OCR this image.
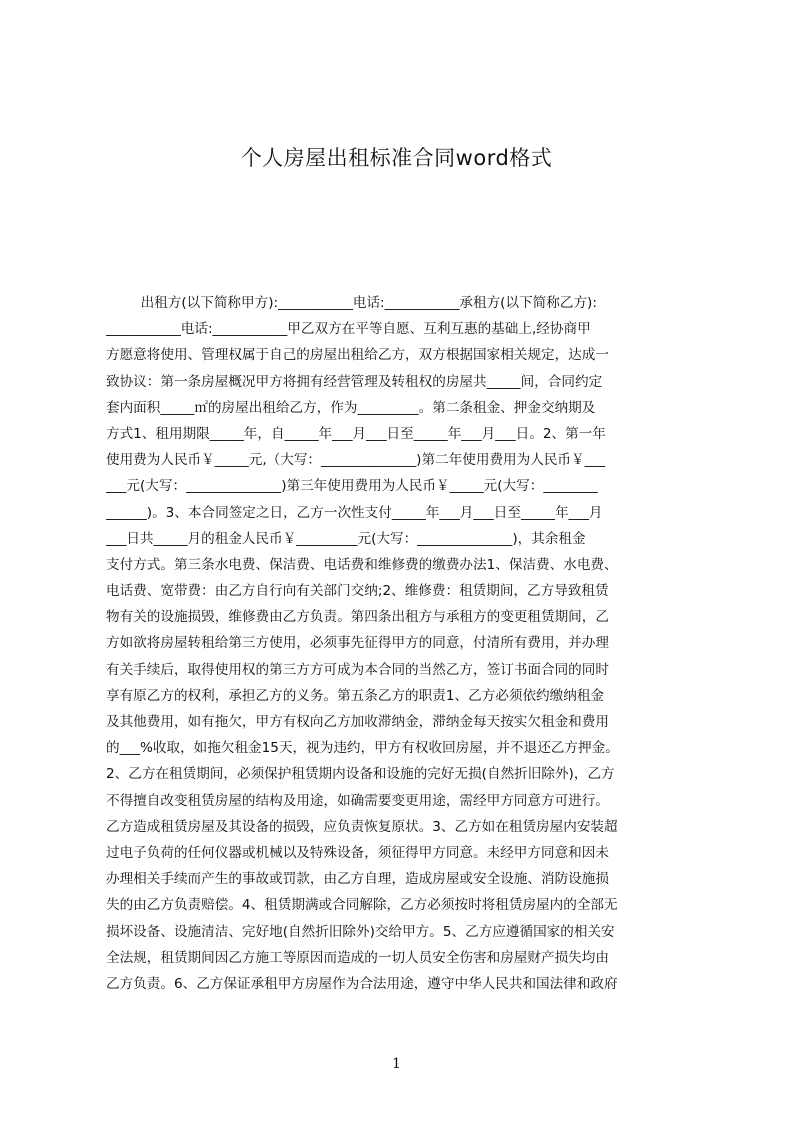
个人房屋出租标准合同word格式
出租方(以下简称甲方):___________电话:___________承租方(以下简称乙方):
___________电话:___________甲乙双方在平等自愿、互利互惠的基础上,经协商甲
方愿意将使用、管理权属于自己的房屋出租给乙方，双方根据国家相关规定，达成一
致协议：第一条房屋概况甲方将拥有经营管理及转租权的房屋共_____间，合同约定
套内面积_____㎡的房屋出租给乙方，作为_________。第二条租金、押金交纳期及
方式1、租用期限_____年，自_____年___月___日至_____年___月___日。2、第一年
使用费为人民币￥_____元,（大写：______________)第二年使用费用为人民币￥___
___元(大写：______________)第三年使用费用为人民币￥_____元(大写：________
______)。3、本合同签定之日，乙方一次性支付_____年___月___日至_____年___月
___日共_____月的租金人民币￥_________元(大写：______________)，其余租金
支付方式。第三条水电费、保洁费、电话费和维修费的缴费办法1、保洁费、水电费、
电话费、宽带费：由乙方自行向有关部门交纳;2、维修费：租赁期间，乙方导致租赁
物有关的设施损毁，维修费由乙方负责。第四条出租方与承租方的变更租赁期间，乙
方如欲将房屋转租给第三方使用，必须事先征得甲方的同意，付清所有费用，并办理
有关手续后，取得使用权的第三方方可成为本合同的当然乙方，签订书面合同的同时
享有原乙方的权利，承担乙方的义务。第五条乙方的职责1、乙方必须依约缴纳租金
及其他费用，如有拖欠，甲方有权向乙方加收滞纳金，滞纳金每天按实欠租金和费用
的___%收取，如拖欠租金15天，视为违约，甲方有权收回房屋，并不退还乙方押金。
2、乙方在租赁期间，必须保护租赁期内设备和设施的完好无损(自然折旧除外)，乙方
不得擅自改变租赁房屋的结构及用途，如确需要变更用途，需经甲方同意方可进行。
乙方造成租赁房屋及其设备的损毁，应负责恢复原状。3、乙方如在租赁房屋内安装超
过电子负荷的任何仪器或机械以及特殊设备，须征得甲方同意。未经甲方同意和因未
办理相关手续而产生的事故或罚款，由乙方自理，造成房屋或安全设施、消防设施损
失的由乙方负责赔偿。4、租赁期满或合同解除，乙方必须按时将租赁房屋内的全部无
损坏设备、设施清洁、完好地(自然折旧除外)交给甲方。5、乙方应遵循国家的相关安
全法规，租赁期间因乙方施工等原因而造成的一切人员安全伤害和房屋财产损失均由
乙方负责。6、乙方保证承租甲方房屋作为合法用途，遵守中华人民共和国法律和政府
1
